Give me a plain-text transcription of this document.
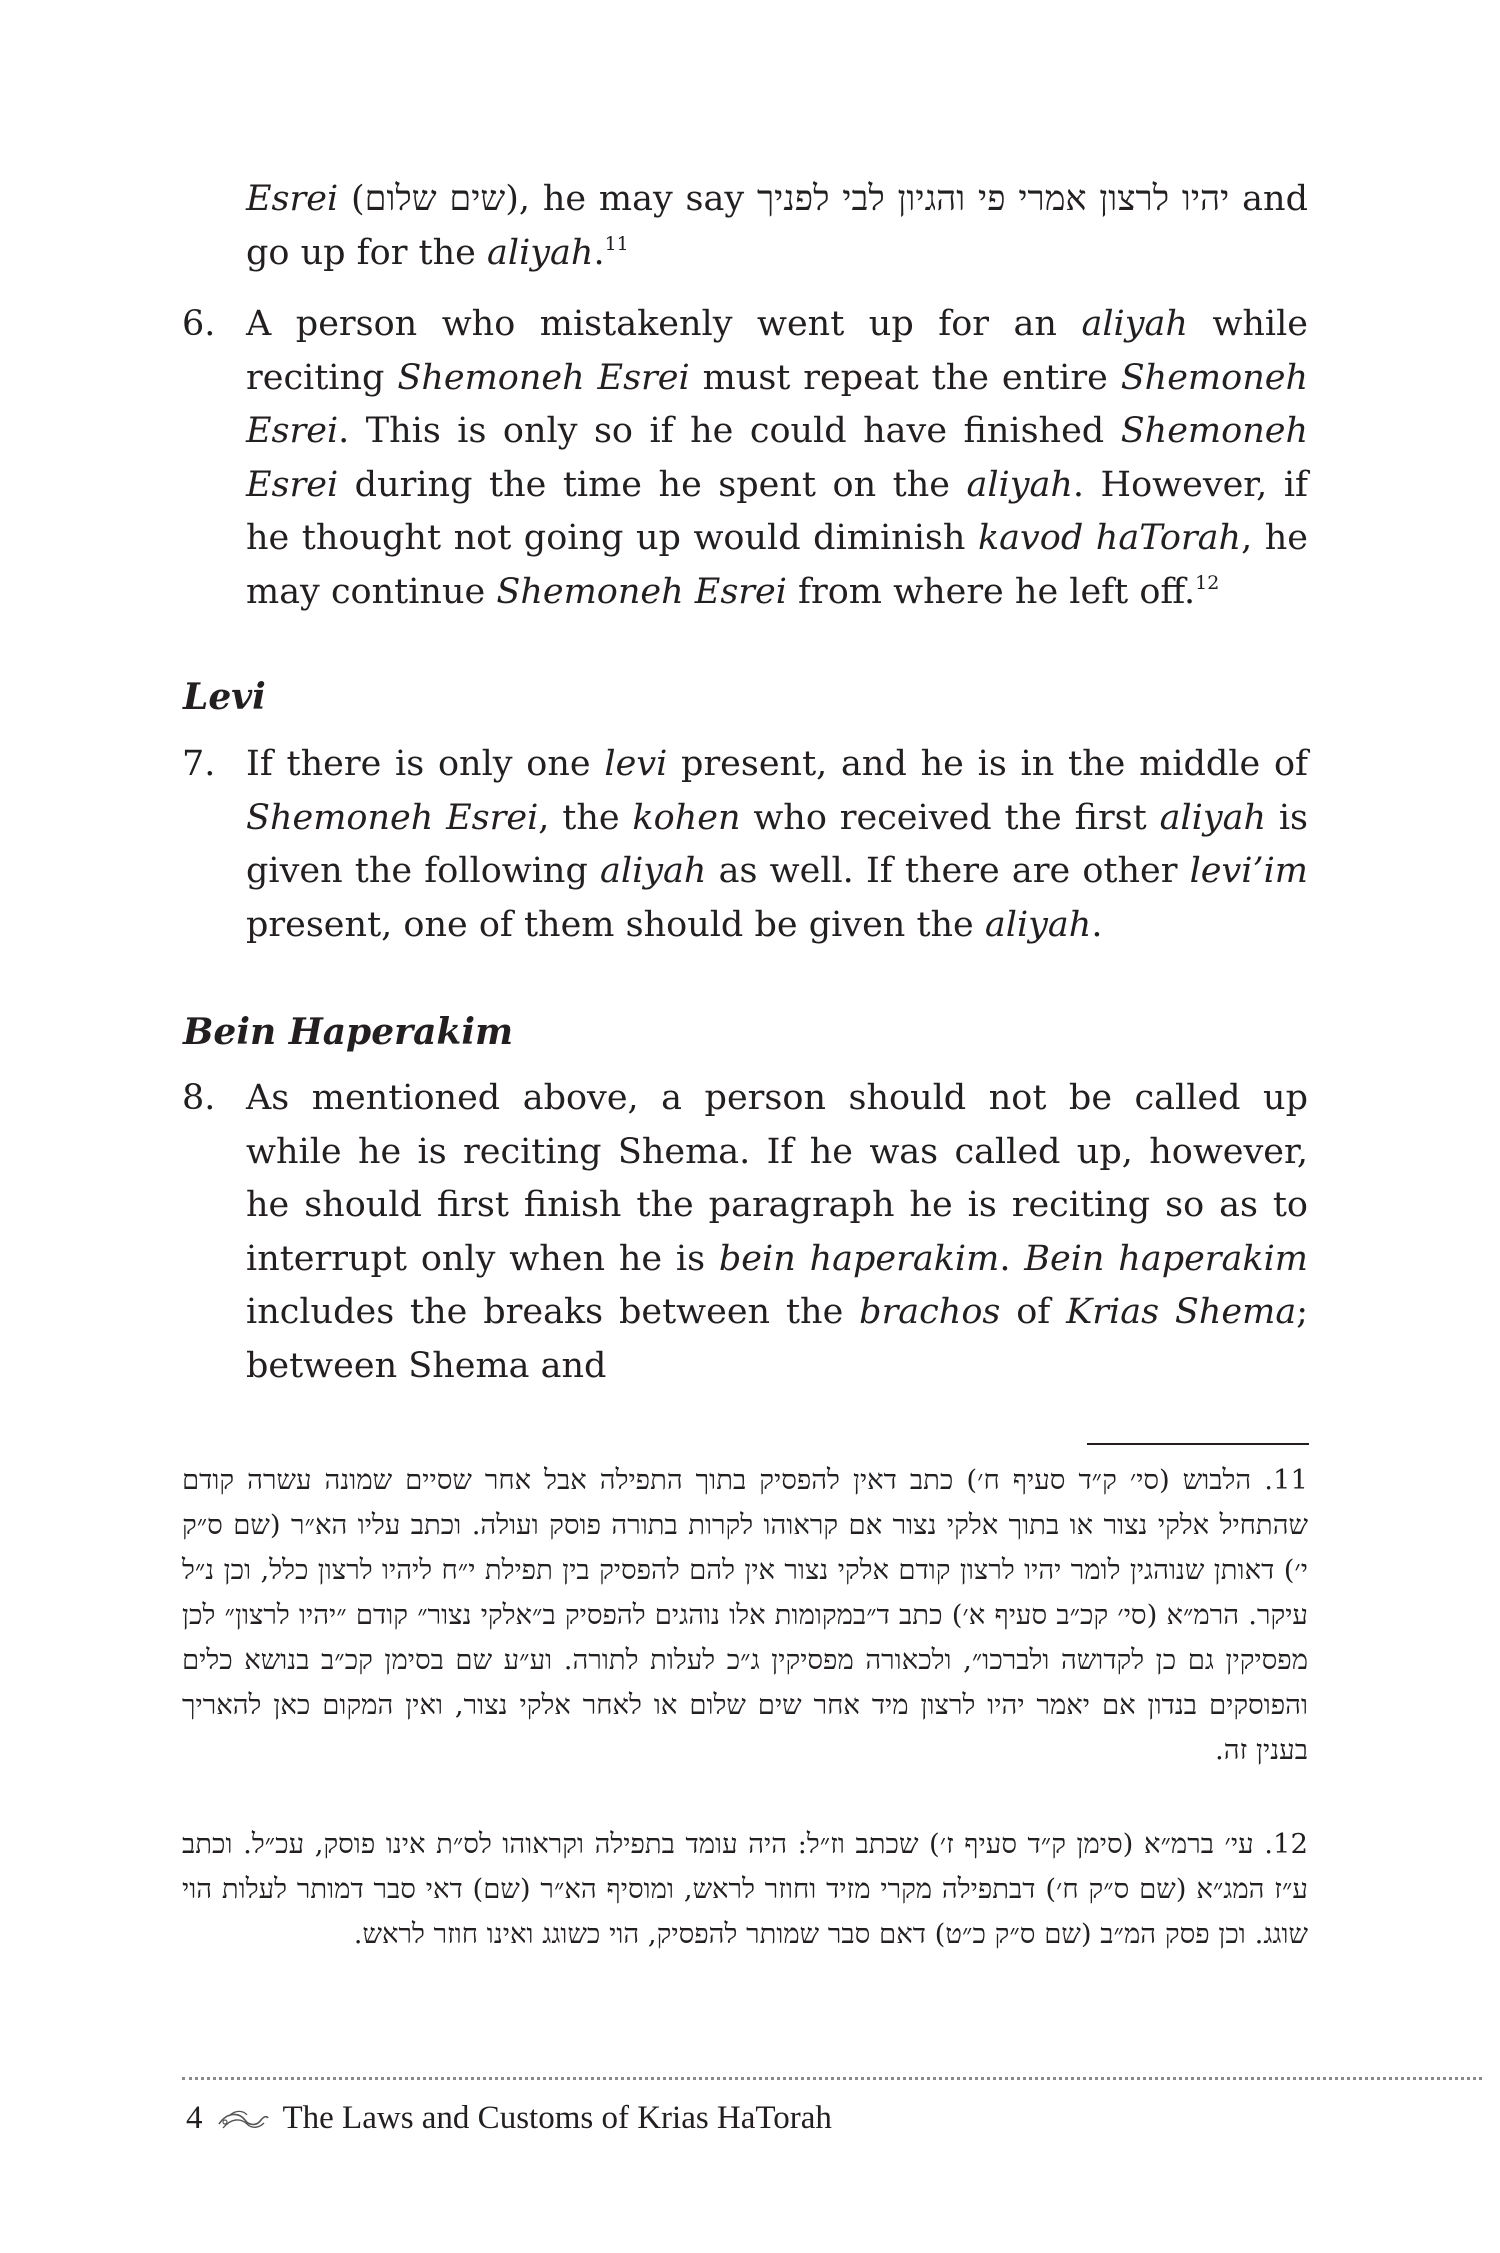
Esrei (שים שלום), he may say יהיו לרצון אמרי פי והגיון לבי לפניך and go up for the aliyah.$^{11}$
6. A person who mistakenly went up for an aliyah while reciting Shemoneh Esrei must repeat the entire Shemoneh Esrei. This is only so if he could have finished Shemoneh Esrei during the time he spent on the aliyah. However, if he thought not going up would diminish kavod haTorah, he may continue Shemoneh Esrei from where he left off.$^{12}$
Levi
7. If there is only one levi present, and he is in the middle of Shemoneh Esrei, the kohen who received the first aliyah is given the following aliyah as well. If there are other levi’im present, one of them should be given the aliyah.
Bein Haperakim
8. As mentioned above, a person should not be called up while he is reciting Shema. If he was called up, however, he should first finish the paragraph he is reciting so as to interrupt only when he is bein haperakim. Bein haperakim includes the breaks between the brachos of Krias Shema; between Shema and
11. הלבוש (סי׳ ק״ד סעיף ח׳) כתב דאין להפסיק בתוך התפילה אבל אחר שסיים שמונה עשרה קודם שהתחיל אלקי נצור או בתוך אלקי נצור אם קראוהו לקרות בתורה פוסק ועולה. וכתב עליו הא״ר (שם ס״ק י׳) דאותן שנוהגין לומר יהיו לרצון קודם אלקי נצור אין להם להפסיק בין תפילת י״ח ליהיו לרצון כלל, וכן נ״ל עיקר. הרמ״א (סי׳ קכ״ב סעיף א׳) כתב ד״במקומות אלו נוהגים להפסיק ב״אלקי נצור״ קודם ״יהיו לרצון״ לכן מפסיקין גם כן לקדושה ולברכו״, ולכאורה מפסיקין ג״כ לעלות לתורה. וע״ע שם בסימן קכ״ב בנושא כלים והפוסקים בנדון אם יאמר יהיו לרצון מיד אחר שים שלום או לאחר אלקי נצור, ואין המקום כאן להאריך בענין זה.
12. עי׳ ברמ״א (סימן ק״ד סעיף ז׳) שכתב וז״ל: היה עומד בתפילה וקראוהו לס״ת אינו פוסק, עכ״ל. וכתב ע״ז המג״א (שם ס״ק ח׳) דבתפילה מקרי מזיד וחוזר לראש, ומוסיף הא״ר (שם) דאי סבר דמותר לעלות הוי שוגג. וכן פסק המ״ב (שם ס״ק כ״ט) דאם סבר שמותר להפסיק, הוי כשוגג ואינו חוזר לראש.
4 The Laws and Customs of Krias HaTorah
